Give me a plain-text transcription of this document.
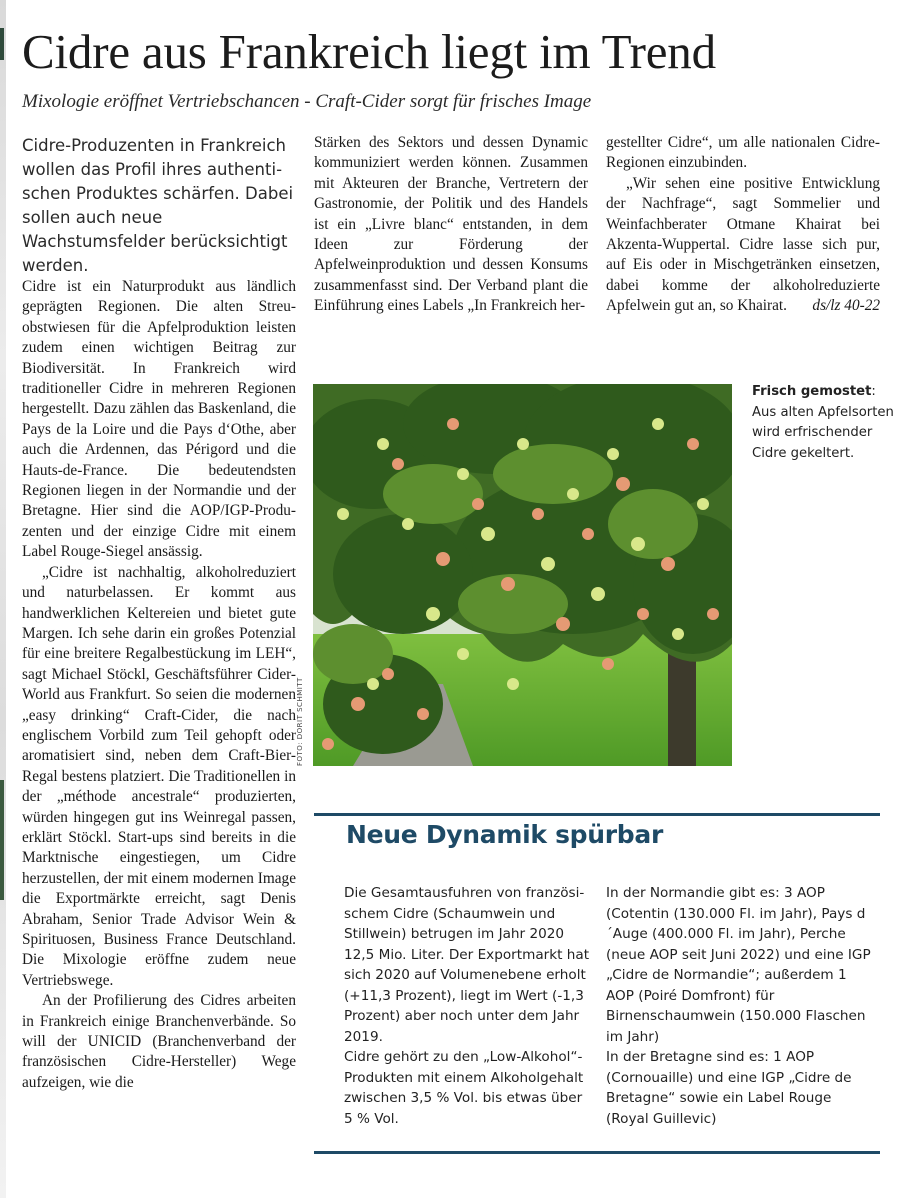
Cidre aus Frankreich liegt im Trend
Mixologie eröffnet Vertriebschancen - Craft-Cider sorgt für frisches Image
Cidre-Produzenten in Frankreich wollen das Profil ihres authentischen Produktes schärfen. Dabei sollen auch neue Wachstumsfelder berücksichtigt werden.

Cidre ist ein Naturprodukt aus ländlich geprägten Regionen. Die alten Streuobstwiesen für die Apfelproduktion leisten zudem einen wichtigen Beitrag zur Biodiversität. In Frankreich wird traditioneller Cidre in mehreren Regionen hergestellt. Dazu zählen das Baskenland, die Pays de la Loire und die Pays d‘Othe, aber auch die Ardennen, das Périgord und die Hauts-de-France. Die bedeutendsten Regionen liegen in der Normandie und der Bretagne. Hier sind die AOP/IGP-Produzenten und der einzige Cidre mit einem Label Rouge-Siegel ansässig.

„Cidre ist nachhaltig, alkoholreduziert und naturbelassen. Er kommt aus handwerklichen Keltereien und bietet gute Margen. Ich sehe darin ein großes Potenzial für eine breitere Regalbestückung im LEH“, sagt Michael Stöckl, Geschäftsführer Cider-World aus Frankfurt. So seien die modernen „easy drinking“ Craft-Cider, die nach englischem Vorbild zum Teil gehopft oder aromatisiert sind, neben dem Craft-Bier-Regal bestens platziert. Die Traditionellen in der „méthode ancestrale“ produzierten, würden hingegen gut ins Weinregal passen, erklärt Stöckl. Start-ups sind bereits in die Marktnische eingestiegen, um Cidre herzustellen, der mit einem modernen Image die Exportmärkte erreicht, sagt Denis Abraham, Senior Trade Advisor Wein & Spirituosen, Business France Deutschland. Die Mixologie eröffne zudem neue Vertriebswege.

An der Profilierung des Cidres arbeiten in Frankreich einige Branchenverbände. So will der UNICID (Branchenverband der französischen Cidre-Hersteller) Wege aufzeigen, wie die

Stärken des Sektors und dessen Dynamic kommuniziert werden können. Zusammen mit Akteuren der Branche, Vertretern der Gastronomie, der Politik und des Handels ist ein „Livre blanc“ entstanden, in dem Ideen zur Förderung der Apfelweinproduktion und dessen Konsums zusammenfasst sind. Der Verband plant die Einführung eines Labels „In Frankreich her-

gestellter Cidre“, um alle nationalen Cidre-Regionen einzubinden.

„Wir sehen eine positive Entwicklung der Nachfrage“, sagt Sommelier und Weinfachberater Otmane Khairat bei Akzenta-Wuppertal. Cidre lasse sich pur, auf Eis oder in Mischgetränken einsetzen, dabei komme der alkoholreduzierte Apfelwein gut an, so Khairat.	ds/lz 40-22

FOTO: DORIT SCHMITT
Frisch gemostet: Aus alten Apfelsorten wird erfrischender Cidre gekeltert.
Neue Dynamik spürbar

Die Gesamtausfuhren von französischem Cidre (Schaumwein und Stillwein) betrugen im Jahr 2020 12,5 Mio. Liter. Der Exportmarkt hat sich 2020 auf Volumenebene erholt (+11,3 Prozent), liegt im Wert (-1,3 Prozent) aber noch unter dem Jahr 2019.

Cidre gehört zu den „Low-Alkohol“-Produkten mit einem Alkoholgehalt zwischen 3,5 % Vol. bis etwas über 5 % Vol.

In der Normandie gibt es: 3 AOP (Cotentin (130.000 Fl. im Jahr), Pays d´Auge (400.000 Fl. im Jahr), Perche (neue AOP seit Juni 2022) und eine IGP „Cidre de Normandie“; außerdem 1 AOP (Poiré Domfront) für Birnenschaumwein (150.000 Flaschen im Jahr)

In der Bretagne sind es: 1 AOP (Cornouaille) und eine IGP „Cidre de Bretagne“ sowie ein Label Rouge (Royal Guillevic)
